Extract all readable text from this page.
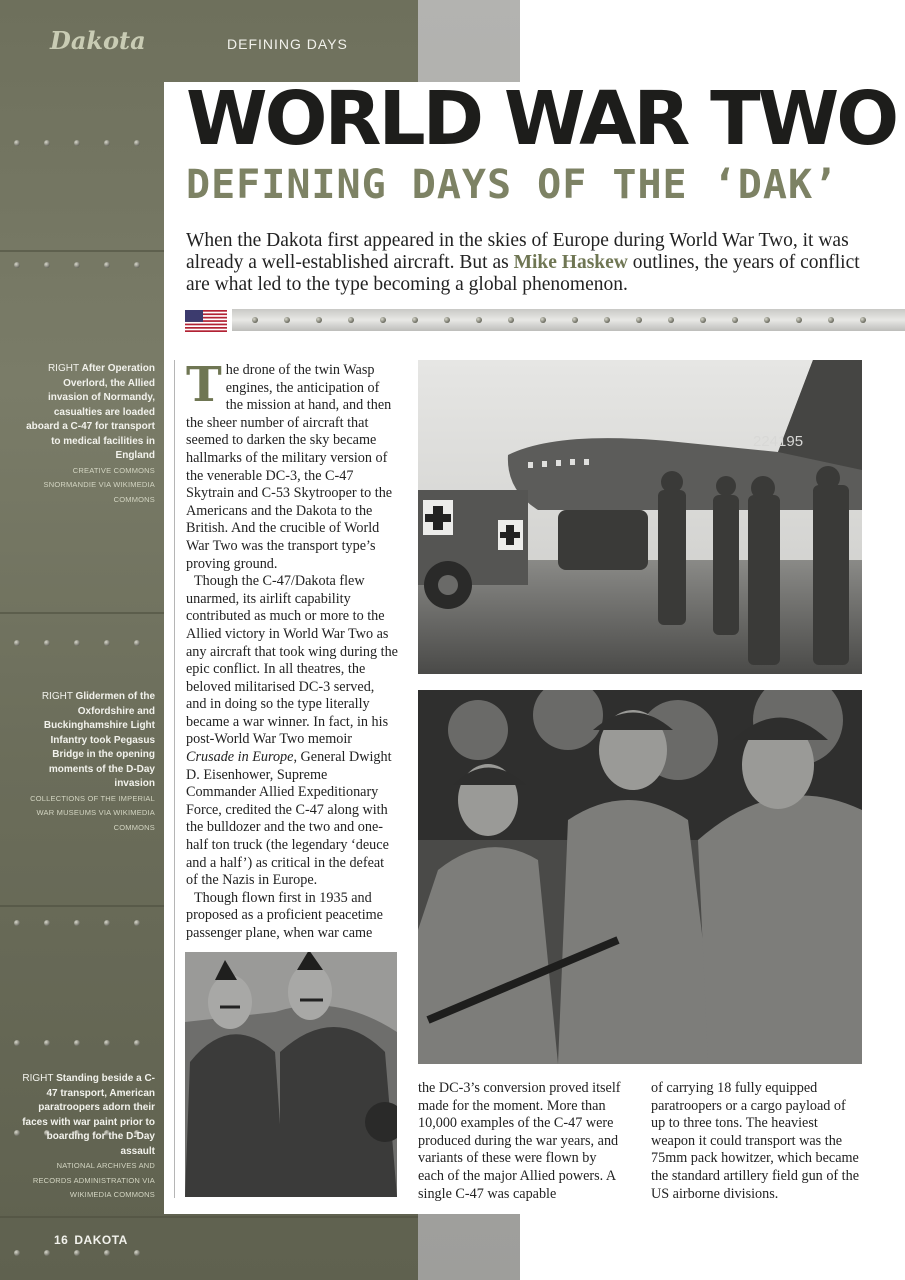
Dakota	DEFINING DAYS
WORLD WAR TWO
DEFINING DAYS OF THE ‘DAK’
When the Dakota first appeared in the skies of Europe during World War Two, it was already a well-established aircraft. But as Mike Haskew outlines, the years of conflict are what led to the type becoming a global phenomenon.
RIGHT After Operation Overlord, the Allied invasion of Normandy, casualties are loaded aboard a C-47 for transport to medical facilities in England
CREATIVE COMMONS SNORMANDIE VIA WIKIMEDIA COMMONS
RIGHT Glidermen of the Oxfordshire and Buckinghamshire Light Infantry took Pegasus Bridge in the opening moments of the D-Day invasion
COLLECTIONS OF THE IMPERIAL WAR MUSEUMS VIA WIKIMEDIA COMMONS
RIGHT Standing beside a C-47 transport, American paratroopers adorn their faces with war paint prior to boarding for the D-Day assault
NATIONAL ARCHIVES AND RECORDS ADMINISTRATION VIA WIKIMEDIA COMMONS

The drone of the twin Wasp engines, the anticipation of the mission at hand, and then the sheer number of aircraft that seemed to darken the sky became hallmarks of the military version of the venerable DC-3, the C-47 Skytrain and C-53 Skytrooper to the Americans and the Dakota to the British. And the crucible of World War Two was the transport type’s proving ground.

Though the C-47/Dakota flew unarmed, its airlift capability contributed as much or more to the Allied victory in World War Two as any aircraft that took wing during the epic conflict. In all theatres, the beloved militarised DC-3 served, and in doing so the type literally became a war winner. In fact, in his post-World War Two memoir Crusade in Europe, General Dwight D. Eisenhower, Supreme Commander Allied Expeditionary Force, credited the C-47 along with the bulldozer and the two and one-half ton truck (the legendary ‘deuce and a half’) as critical in the defeat of the Nazis in Europe.

Though flown first in 1935 and proposed as a proficient peacetime passenger plane, when war came

the DC-3’s conversion proved itself made for the moment. More than 10,000 examples of the C-47 were produced during the war years, and variants of these were flown by each of the major Allied powers. A single C-47 was capable

of carrying 18 fully equipped paratroopers or a cargo payload of up to three tons. The heaviest weapon it could transport was the 75mm pack howitzer, which became the standard artillery field gun of the US airborne divisions.

224195
16 DAKOTA
